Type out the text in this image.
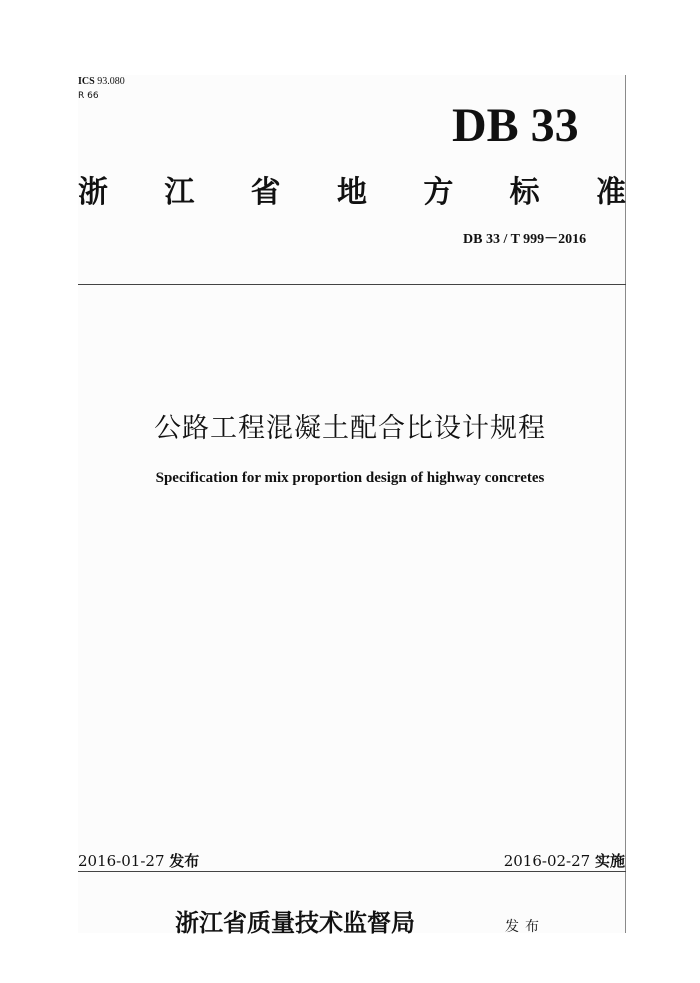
ICS 93.080
R 66
DB 33
浙 江 省 地 方 标 准
DB 33 / T 999－2016
公路工程混凝土配合比设计规程
Specification for mix proportion design of highway concretes
2016-01-27 发布	2016-02-27 实施
浙江省质量技术监督局	发布
